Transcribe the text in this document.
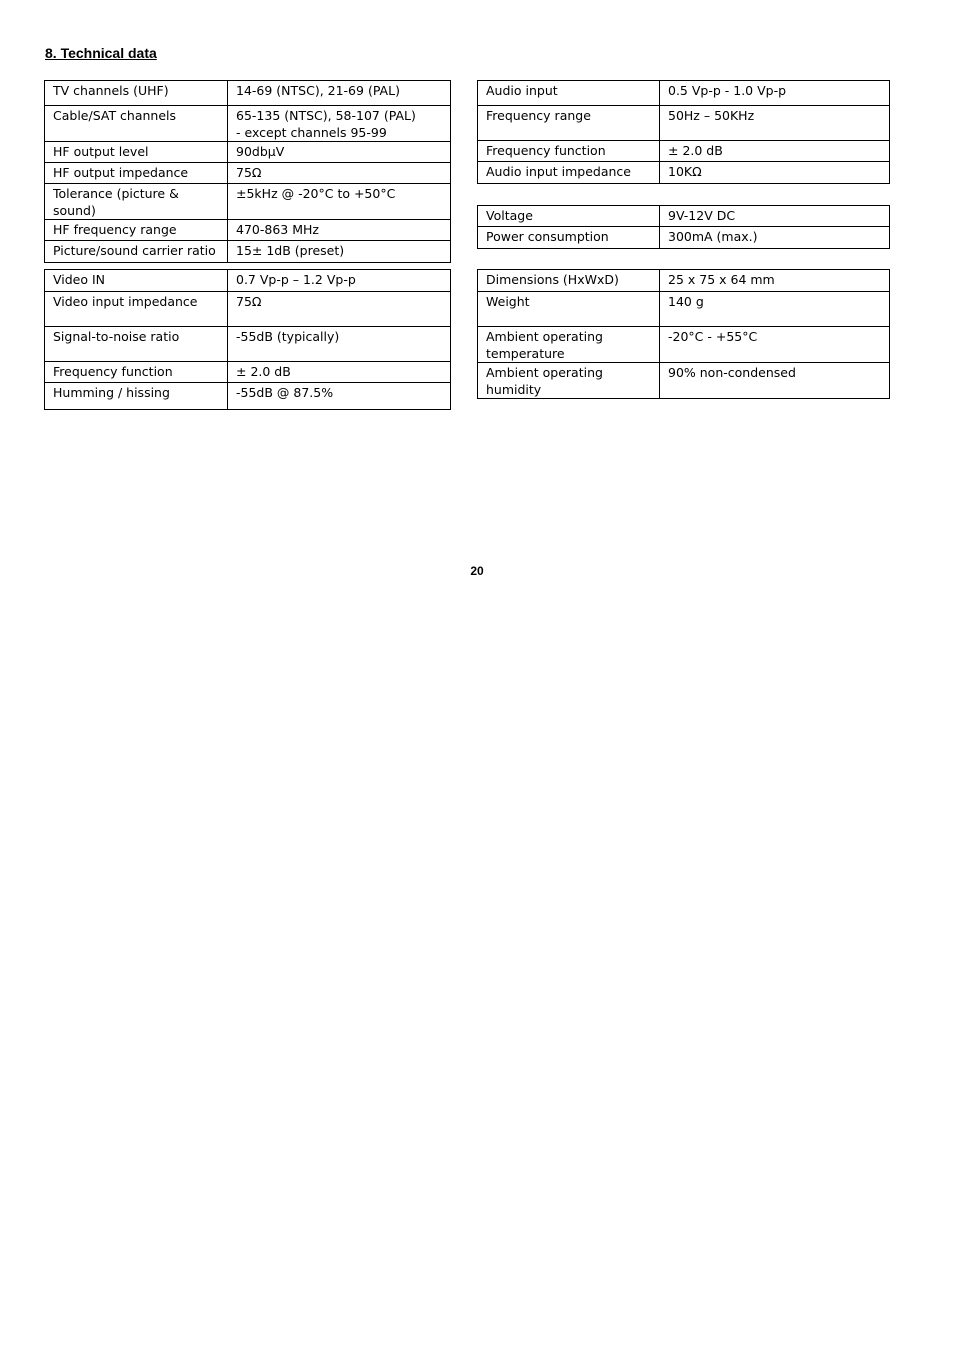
8. Technical data
TV channels (UHF)	14-69 (NTSC), 21-69 (PAL)
Cable/SAT channels	65-135 (NTSC), 58-107 (PAL)
- except channels 95-99
HF output level	90dbµV
HF output impedance	75Ω
Tolerance (picture & sound)	±5kHz @ -20°C to +50°C
HF frequency range	470-863 MHz
Picture/sound carrier ratio	15± 1dB (preset)
Video IN	0.7 Vp-p – 1.2 Vp-p
Video input impedance	75Ω
Signal-to-noise ratio	-55dB (typically)
Frequency function	± 2.0 dB
Humming / hissing	-55dB @ 87.5%
Audio input	0.5 Vp-p - 1.0 Vp-p
Frequency range	50Hz – 50KHz
Frequency function	± 2.0 dB
Audio input impedance	10KΩ
Voltage	9V-12V DC
Power consumption	300mA (max.)
Dimensions (HxWxD)	25 x 75 x 64 mm
Weight	140 g
Ambient operating
temperature	-20°C - +55°C
Ambient operating humidity	90% non-condensed
20
